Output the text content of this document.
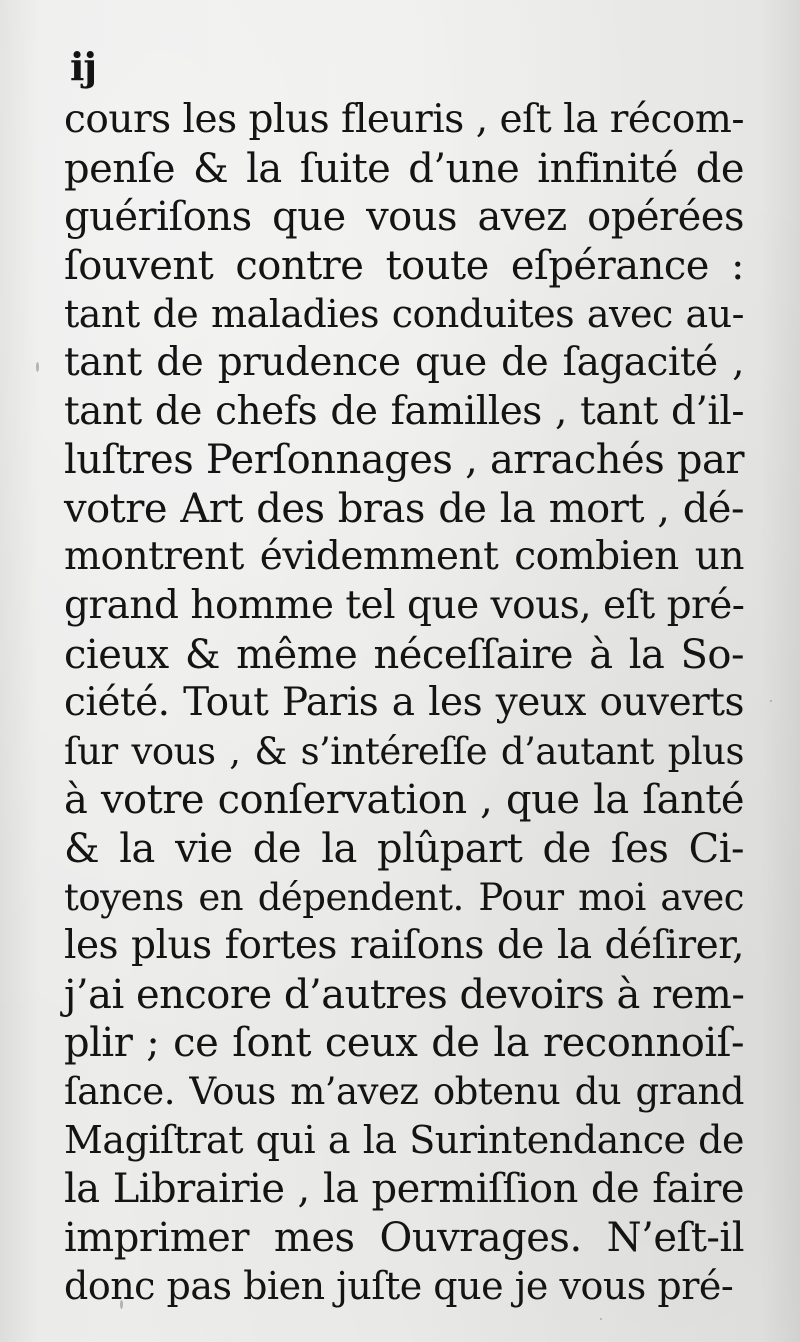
ij
cours les plus fleuris , eſt la récom-
penſe & la ſuite d’une infinité de
guériſons que vous avez opérées
ſouvent contre toute eſpérance :
tant de maladies conduites avec au-
tant de prudence que de ſagacité ,
tant de chefs de familles , tant d’il-
luſtres Perſonnages , arrachés par
votre Art des bras de la mort , dé-
montrent évidemment combien un
grand homme tel que vous, eſt pré-
cieux & même néceſſaire à la So-
ciété. Tout Paris a les yeux ouverts
ſur vous , & s’intéreſſe d’autant plus
à votre conſervation , que la ſanté
& la vie de la plûpart de ſes Ci-
toyens en dépendent. Pour moi avec
les plus fortes raiſons de la déſirer,
j’ai encore d’autres devoirs à rem-
plir ; ce ſont ceux de la reconnoiſ-
ſance. Vous m’avez obtenu du grand
Magiſtrat qui a la Surintendance de
la Librairie , la permiſſion de faire
imprimer mes Ouvrages. N’eſt-il
donc pas bien juſte que je vous pré-
